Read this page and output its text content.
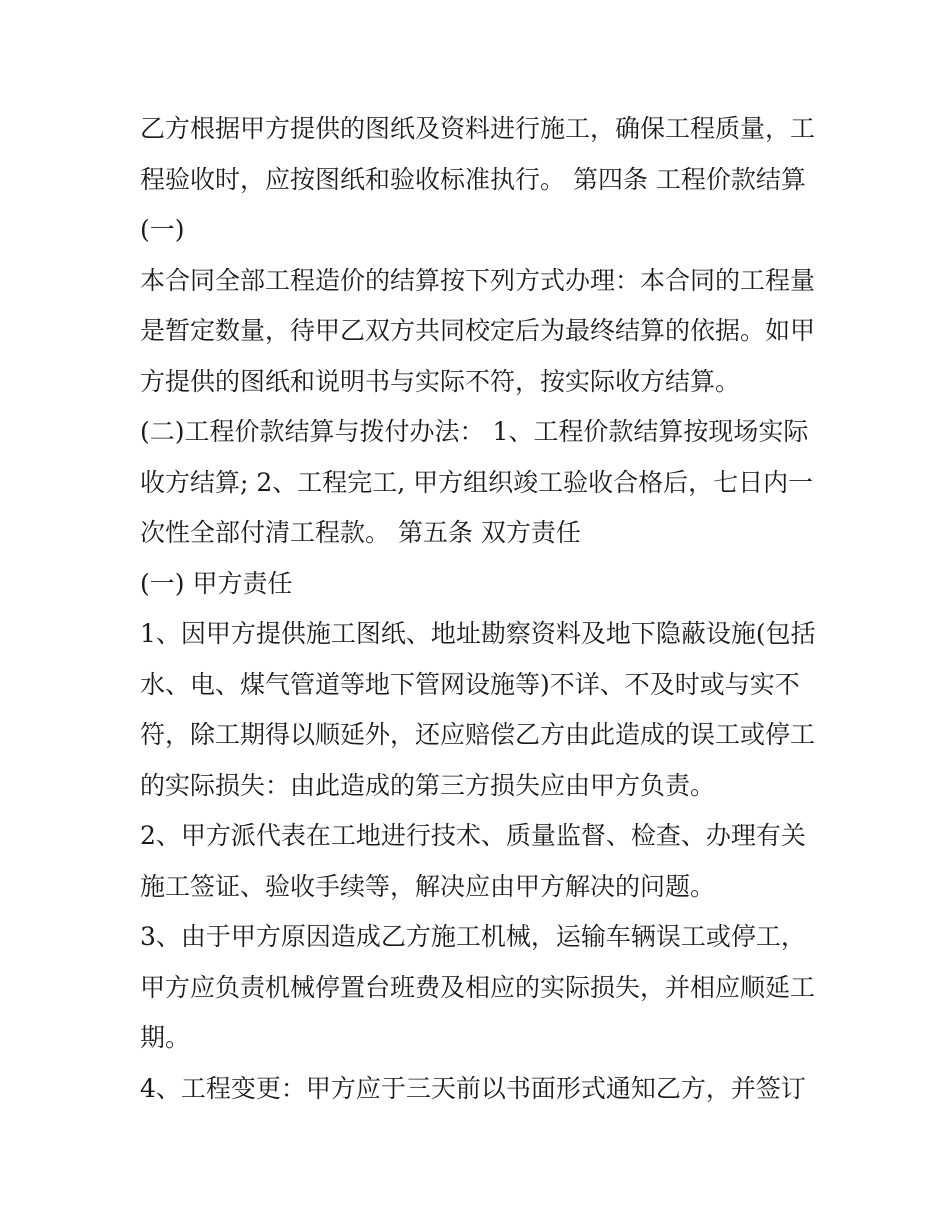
乙方根据甲方提供的图纸及资料进行施工，确保工程质量，工
程验收时，应按图纸和验收标准执行。 第四条 工程价款结算
(一)
本合同全部工程造价的结算按下列方式办理：本合同的工程量
是暂定数量，待甲乙双方共同校定后为最终结算的依据。如甲
方提供的图纸和说明书与实际不符，按实际收方结算。
(二)工程价款结算与拨付办法： 1、工程价款结算按现场实际
收方结算; 2、工程完工, 甲方组织竣工验收合格后，七日内一
次性全部付清工程款。 第五条 双方责任
(一) 甲方责任
1、因甲方提供施工图纸、地址勘察资料及地下隐蔽设施(包括
水、电、煤气管道等地下管网设施等)不详、不及时或与实不
符，除工期得以顺延外，还应赔偿乙方由此造成的误工或停工
的实际损失：由此造成的第三方损失应由甲方负责。
2、甲方派代表在工地进行技术、质量监督、检查、办理有关
施工签证、验收手续等，解决应由甲方解决的问题。
3、由于甲方原因造成乙方施工机械，运输车辆误工或停工，
甲方应负责机械停置台班费及相应的实际损失，并相应顺延工
期。
4、工程变更：甲方应于三天前以书面形式通知乙方，并签订
